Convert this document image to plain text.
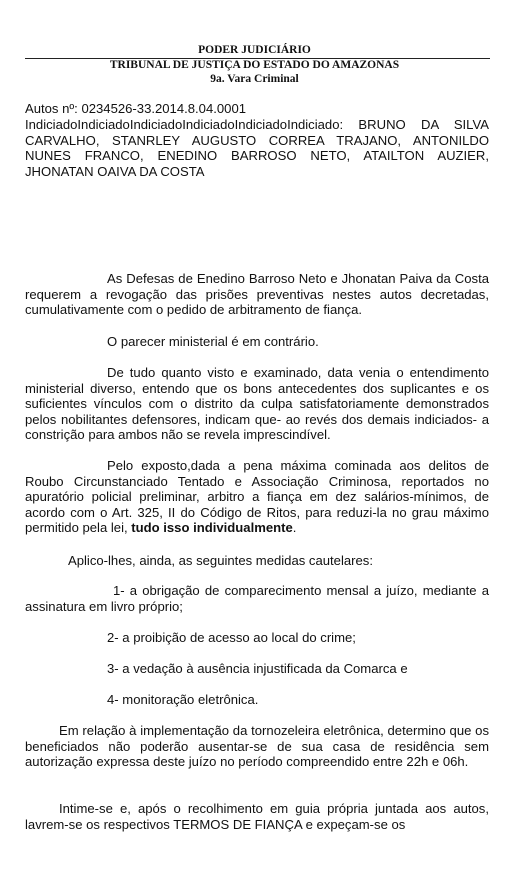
PODER JUDICIÁRIO
TRIBUNAL DE JUSTIÇA DO ESTADO DO AMAZONAS
9a. Vara Criminal

Autos nº: 0234526-33.2014.8.04.0001

IndiciadoIndiciadoIndiciadoIndiciadoIndiciadoIndiciado: BRUNO DA SILVA CARVALHO, STANRLEY AUGUSTO CORREA TRAJANO, ANTONILDO NUNES FRANCO, ENEDINO BARROSO NETO, ATAILTON AUZIER, JHONATAN OAIVA DA COSTA

As Defesas de Enedino Barroso Neto e Jhonatan Paiva da Costa requerem a revogação das prisões preventivas nestes autos decretadas, cumulativamente com o pedido de arbitramento de fiança.

O parecer ministerial é em contrário.

De tudo quanto visto e examinado, data venia o entendimento ministerial diverso, entendo que os bons antecedentes dos suplicantes e os suficientes vínculos com o distrito da culpa satisfatoriamente demonstrados pelos nobilitantes defensores, indicam que- ao revés dos demais indiciados- a constrição para ambos não se revela imprescindível.

Pelo exposto,dada a pena máxima cominada aos delitos de Roubo Circunstanciado Tentado e Associação Criminosa, reportados no apuratório policial preliminar, arbitro a fiança em dez salários-mínimos, de acordo com o Art. 325, II do Código de Ritos, para reduzi-la no grau máximo permitido pela lei, tudo isso individualmente.

Aplico-lhes, ainda, as seguintes medidas cautelares:

1- a obrigação de comparecimento mensal a juízo, mediante a assinatura em livro próprio;

2- a proibição de acesso ao local do crime;

3- a vedação à ausência injustificada da Comarca e

4- monitoração eletrônica.

Em relação à implementação da tornozeleira eletrônica, determino que os beneficiados não poderão ausentar-se de sua casa de residência sem autorização expressa deste juízo no período compreendido entre 22h e 06h.

Intime-se e, após o recolhimento em guia própria juntada aos autos, lavrem-se os respectivos TERMOS DE FIANÇA e expeçam-se os
